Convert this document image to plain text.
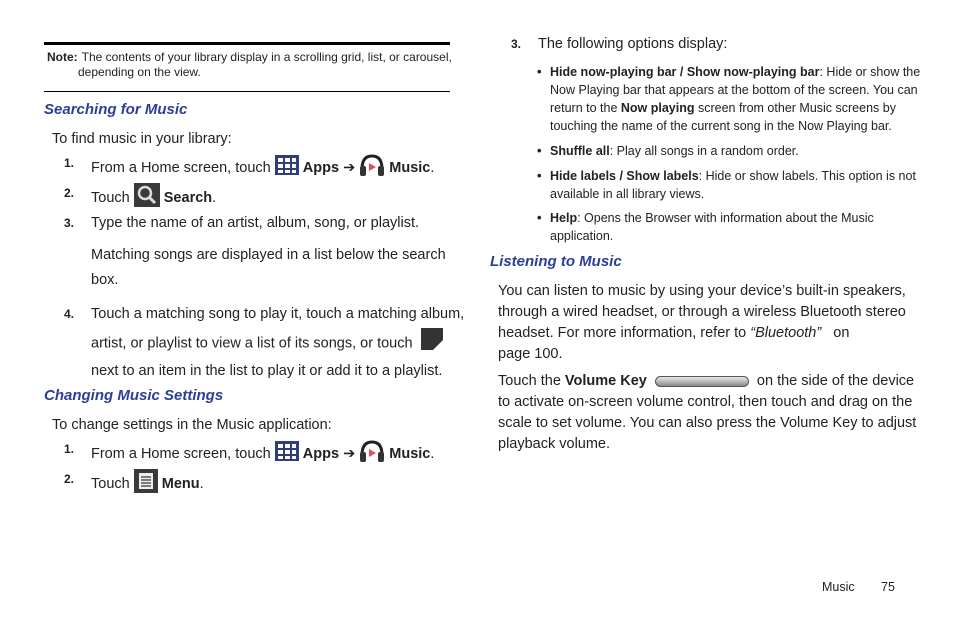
Note: The contents of your library display in a scrolling grid, list, or carousel,
depending on the view.
Searching for Music
To find music in your library:
1. From a Home screen, touch Apps ➔ Music.
2. Touch Search.
3. Type the name of an artist, album, song, or playlist.
Matching songs are displayed in a list below the search
box.
4. Touch a matching song to play it, touch a matching album,
artist, or playlist to view a list of its songs, or touch
next to an item in the list to play it or add it to a playlist.
Changing Music Settings
To change settings in the Music application:
1. From a Home screen, touch Apps ➔ Music.
2. Touch Menu.
3. The following options display:
• Hide now-playing bar / Show now-playing bar: Hide or show the
Now Playing bar that appears at the bottom of the screen. You can
return to the Now playing screen from other Music screens by
touching the name of the current song in the Now Playing bar.
• Shuffle all: Play all songs in a random order.
• Hide labels / Show labels: Hide or show labels. This option is not
available in all library views.
• Help: Opens the Browser with information about the Music
application.
Listening to Music
You can listen to music by using your device’s built-in speakers,
through a wired headset, or through a wireless Bluetooth stereo
headset. For more information, refer to “Bluetooth” on
page 100.
Touch the Volume Key	on the side of the device
to activate on-screen volume control, then touch and drag on the
scale to set volume. You can also press the Volume Key to adjust
playback volume.
Music 75
